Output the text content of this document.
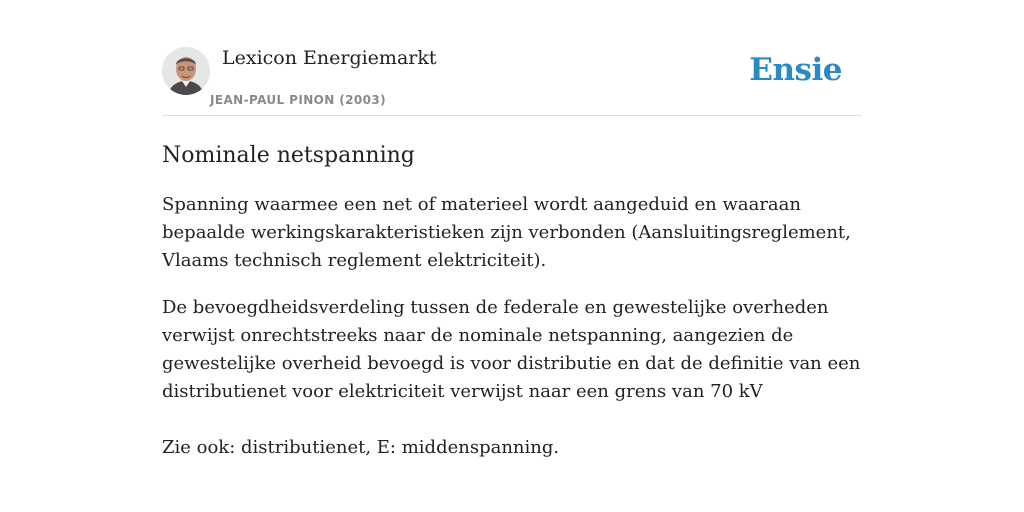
Lexicon Energiemarkt
JEAN-PAUL PINON (2003)
Ensie
Nominale netspanning

Spanning waarmee een net of materieel wordt aangeduid en waaraan bepaalde werkingskarakteristieken zijn verbonden (Aansluitingsreglement, Vlaams technisch reglement elektriciteit).

De bevoegdheidsverdeling tussen de federale en gewestelijke overheden verwijst onrechtstreeks naar de nominale netspanning, aangezien de gewestelijke overheid bevoegd is voor distributie en dat de definitie van een distributienet voor elektriciteit verwijst naar een grens van 70 kV

Zie ook: distributienet, E: middenspanning.
